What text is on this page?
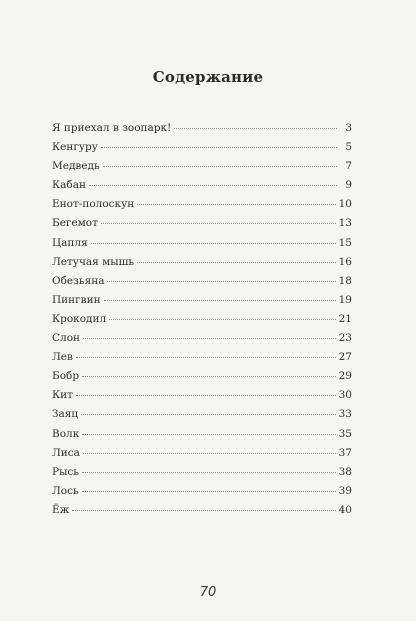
Содержание
Я приехал в зоопарк!	3
Кенгуру	5
Медведь	7
Кабан	9
Енот-полоскун	10
Бегемот	13
Цапля	15
Летучая мышь	16
Обезьяна	18
Пингвин	19
Крокодил	21
Слон	23
Лев	27
Бобр	29
Кит	30
Заяц	33
Волк	35
Лиса	37
Рысь	38
Лось	39
Ёж	40
70
